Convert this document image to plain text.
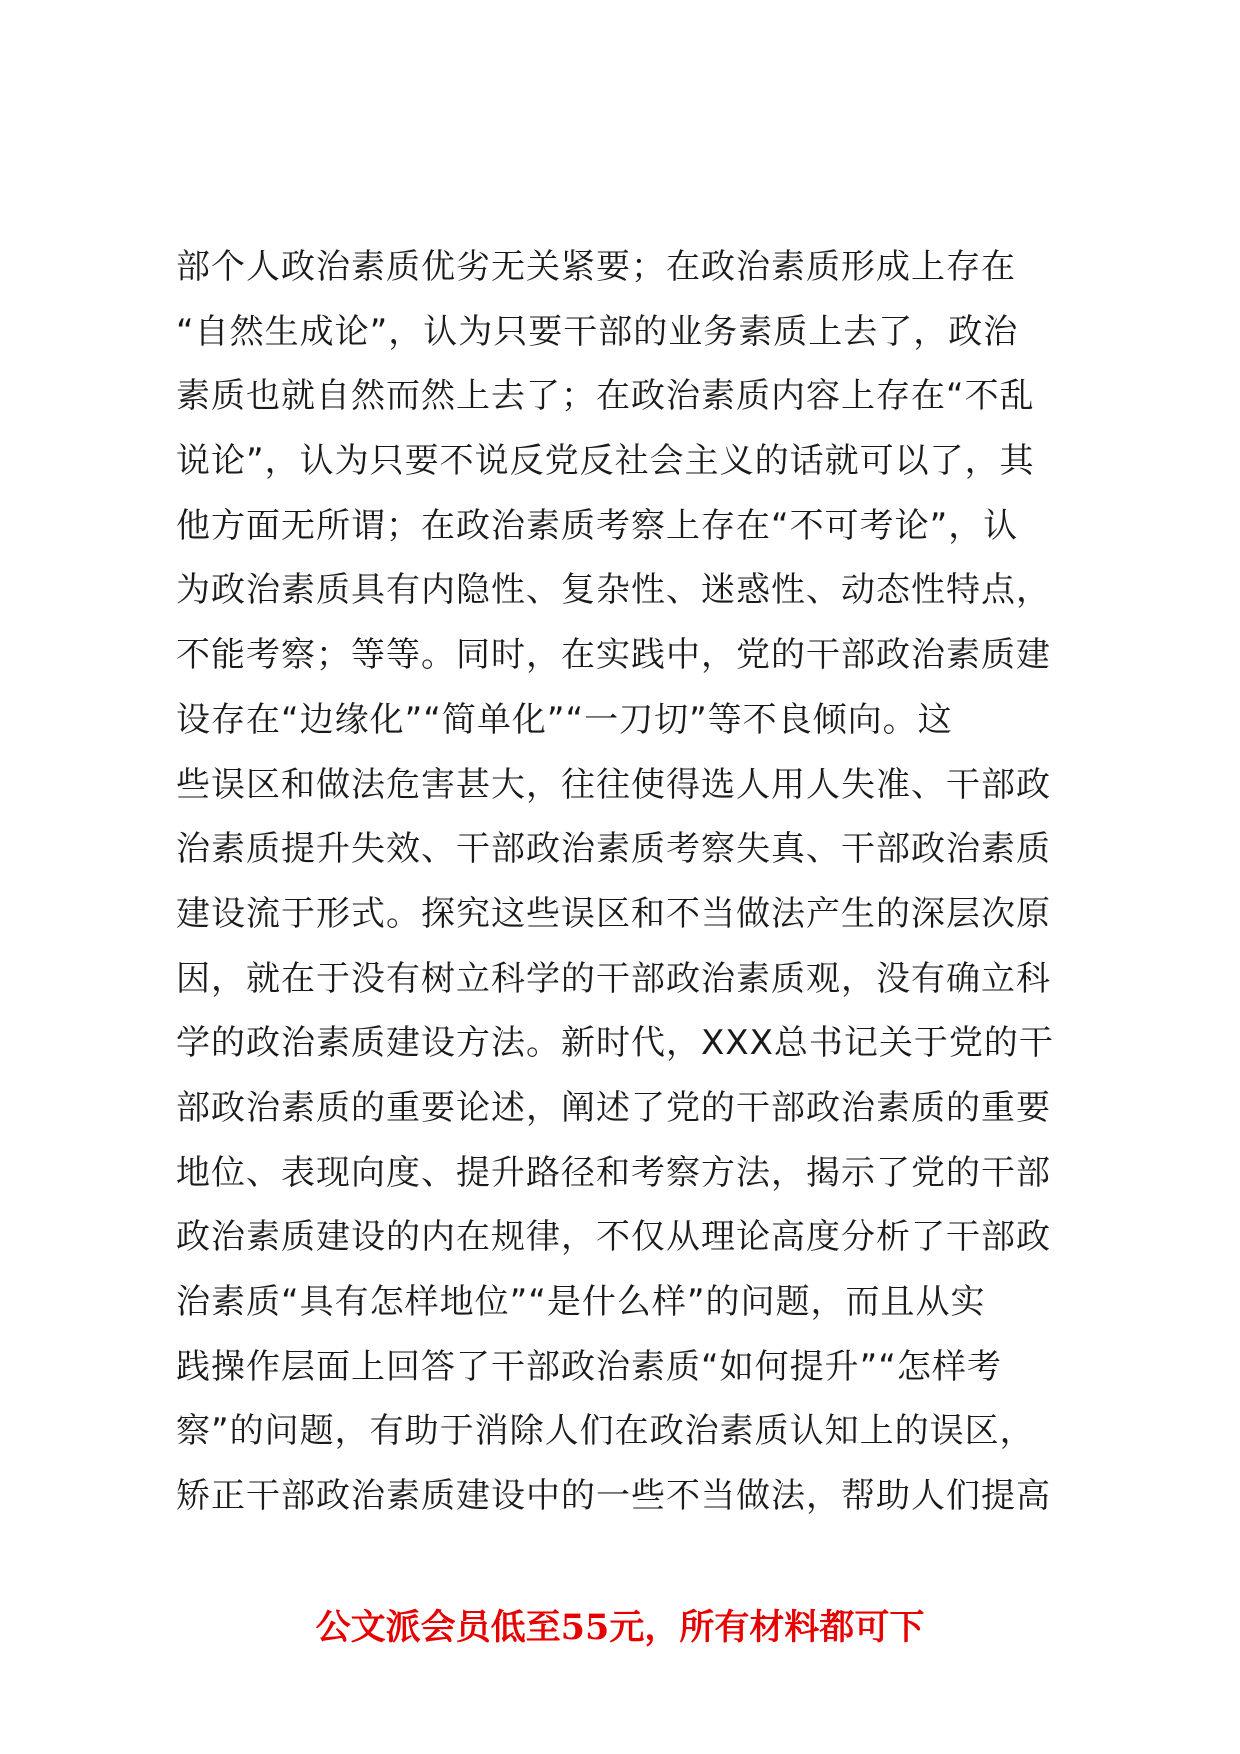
部个人政治素质优劣无关紧要；在政治素质形成上存在
“自然生成论”，认为只要干部的业务素质上去了，政治
素质也就自然而然上去了；在政治素质内容上存在“不乱
说论”，认为只要不说反党反社会主义的话就可以了，其
他方面无所谓；在政治素质考察上存在“不可考论”，认
为政治素质具有内隐性、复杂性、迷惑性、动态性特点，
不能考察；等等。同时，在实践中，党的干部政治素质建
设存在“边缘化”“简单化”“一刀切”等不良倾向。这
些误区和做法危害甚大，往往使得选人用人失准、干部政
治素质提升失效、干部政治素质考察失真、干部政治素质
建设流于形式。探究这些误区和不当做法产生的深层次原
因，就在于没有树立科学的干部政治素质观，没有确立科
学的政治素质建设方法。新时代，XXX总书记关于党的干
部政治素质的重要论述，阐述了党的干部政治素质的重要
地位、表现向度、提升路径和考察方法，揭示了党的干部
政治素质建设的内在规律，不仅从理论高度分析了干部政
治素质“具有怎样地位”“是什么样”的问题，而且从实
践操作层面上回答了干部政治素质“如何提升”“怎样考
察”的问题，有助于消除人们在政治素质认知上的误区，
矫正干部政治素质建设中的一些不当做法，帮助人们提高
公文派会员低至55元，所有材料都可下
